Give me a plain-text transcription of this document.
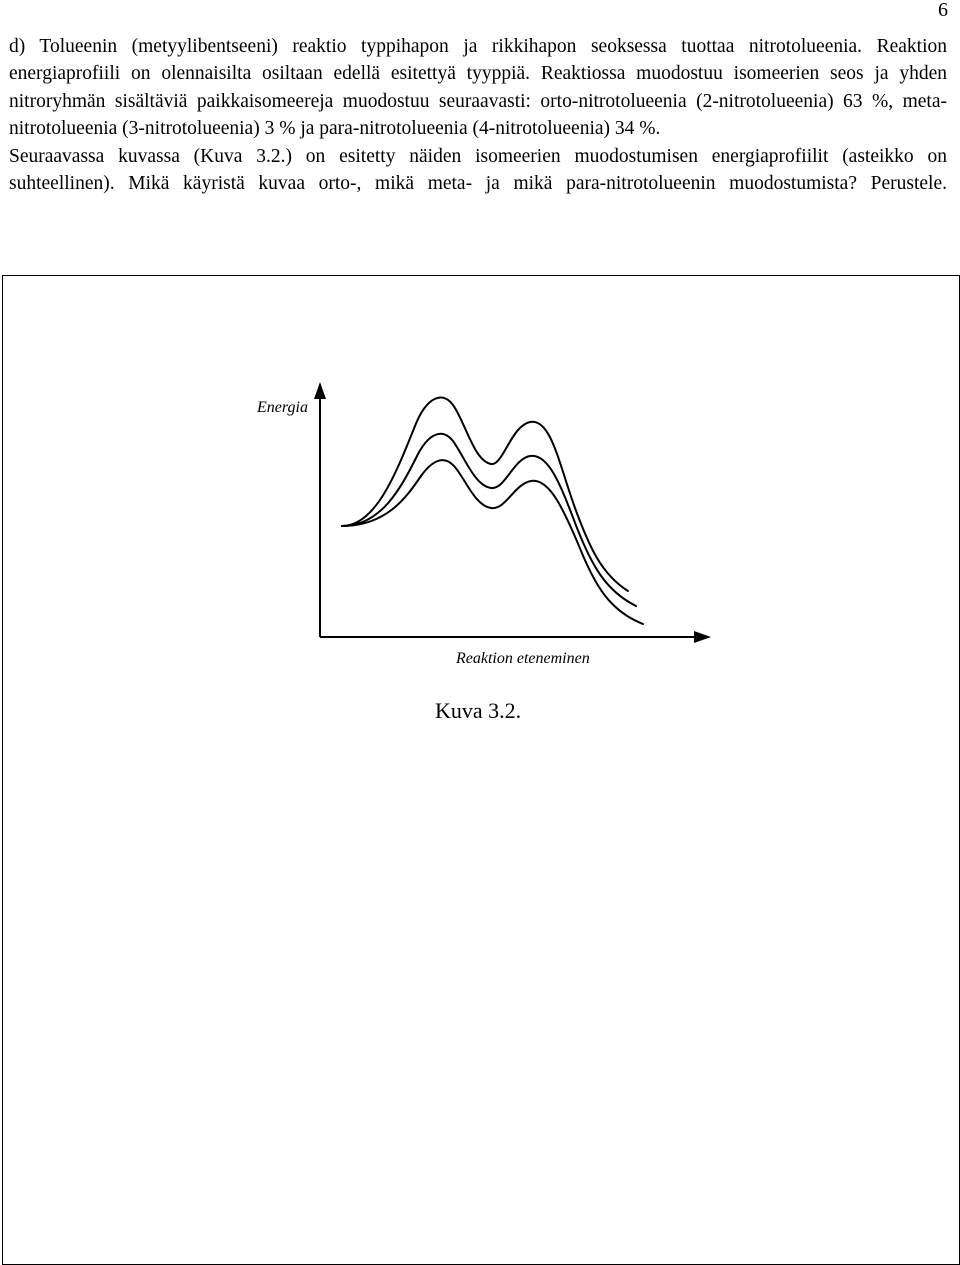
6

d) Tolueenin (metyylibentseeni) reaktio typpihapon ja rikkihapon seoksessa tuottaa nitrotolueenia. Reaktion energiaprofiili on olennaisilta osiltaan edellä esitettyä tyyppiä. Reaktiossa muodostuu isomeerien seos ja yhden nitroryhmän sisältäviä paikkaisomeereja muodostuu seuraavasti: orto-nitrotolueenia (2-nitrotolueenia) 63 %, meta-nitrotolueenia (3-nitrotolueenia) 3 % ja para-nitrotolueenia (4-nitrotolueenia) 34 %.

Seuraavassa kuvassa (Kuva 3.2.) on esitetty näiden isomeerien muodostumisen energiaprofiilit (asteikko on suhteellinen). Mikä käyristä kuvaa orto-, mikä meta- ja mikä para-nitrotolueenin muodostumista? Perustele.

Energia
Reaktion eteneminen
Kuva 3.2.
